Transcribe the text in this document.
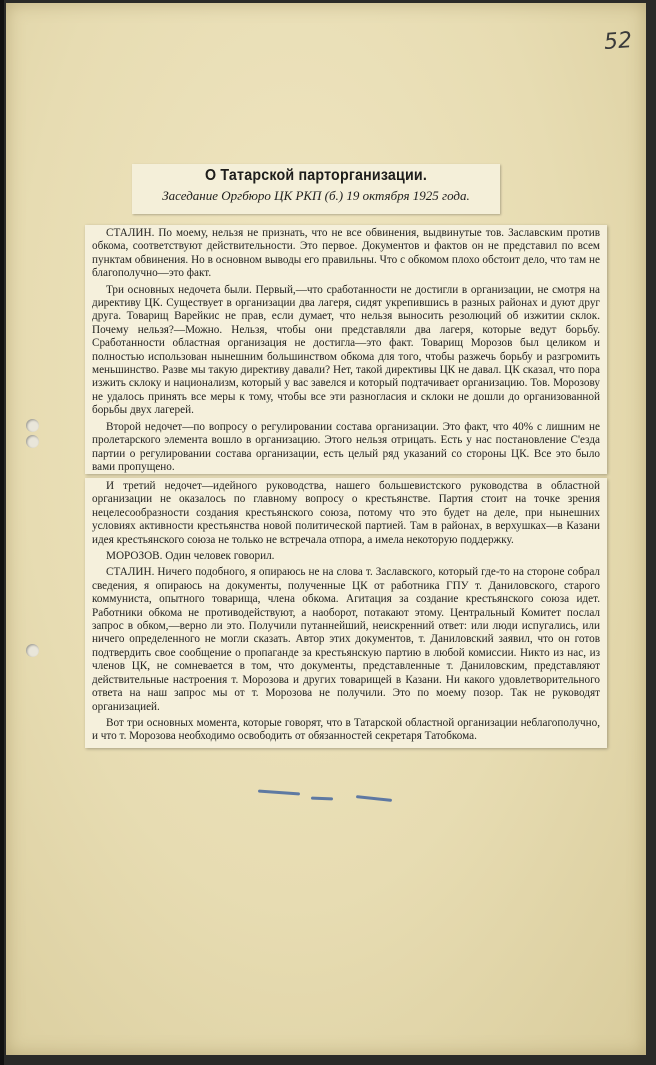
52
О Татарской парторганизации.
Заседание Оргбюро ЦК РКП (б.) 19 октября 1925 года.

СТАЛИН. По моему, нельзя не признать, что не все обвинения, выдвинутые тов. Заславским против обкома, соответствуют действительности. Это первое. Документов и фактов он не представил по всем пунктам обвинения. Но в основном выводы его правильны. Что с обкомом плохо обстоит дело, что там не благополучно—это факт.

Три основных недочета были. Первый,—что сработанности не достигли в организации, не смотря на директиву ЦК. Существует в организации два лагеря, сидят укрепившись в разных районах и дуют друг друга. Товарищ Варейкис не прав, если думает, что нельзя выносить резолюций об изжитии склок. Почему нельзя?—Можно. Нельзя, чтобы они представляли два лагеря, которые ведут борьбу. Сработанности областная организация не достигла—это факт. Товарищ Морозов был целиком и полностью использован нынешним большинством обкома для того, чтобы разжечь борьбу и разгромить меньшинство. Разве мы такую директиву давали? Нет, такой директивы ЦК не давал. ЦК сказал, что пора изжить склоку и национализм, который у вас завелся и который подтачивает организацию. Тов. Морозову не удалось принять все меры к тому, чтобы все эти разногласия и склоки не дошли до организованной борьбы двух лагерей.

Второй недочет—по вопросу о регулировании состава организации. Это факт, что 40% с лишним не пролетарского элемента вошло в организацию. Этого нельзя отрицать. Есть у нас постановление С'езда партии о регулировании состава организации, есть целый ряд указаний со стороны ЦК. Все это было вами пропущено.

И третий недочет—идейного руководства, нашего большевистского руководства в областной организации не оказалось по главному вопросу о крестьянстве. Партия стоит на точке зрения нецелесообразности создания крестьянского союза, потому что это будет на деле, при нынешних условиях активности крестьянства новой политической партией. Там в районах, в верхушках—в Казани идея крестьянского союза не только не встречала отпора, а имела некоторую поддержку.

МОРОЗОВ. Один человек говорил.

СТАЛИН. Ничего подобного, я опираюсь не на слова т. Заславского, который где-то на стороне собрал сведения, я опираюсь на документы, полученные ЦК от работника ГПУ т. Даниловского, старого коммуниста, опытного товарища, члена обкома. Агитация за создание крестьянского союза идет. Работники обкома не противодействуют, а наоборот, потакают этому. Центральный Комитет послал запрос в обком,—верно ли это. Получили путаннейший, неискренний ответ: или люди испугались, или ничего определенного не могли сказать. Автор этих документов, т. Даниловский заявил, что он готов подтвердить свое сообщение о пропаганде за крестьянскую партию в любой комиссии. Никто из нас, из членов ЦК, не сомневается в том, что документы, представленные т. Даниловским, представляют действительные настроения т. Морозова и других товарищей в Казани. Ни какого удовлетворительного ответа на наш запрос мы от т. Морозова не получили. Это по моему позор. Так не руководят организацией.

Вот три основных момента, которые говорят, что в Татарской областной организации неблагополучно, и что т. Морозова необходимо освободить от обязанностей секретаря Татобкома.
